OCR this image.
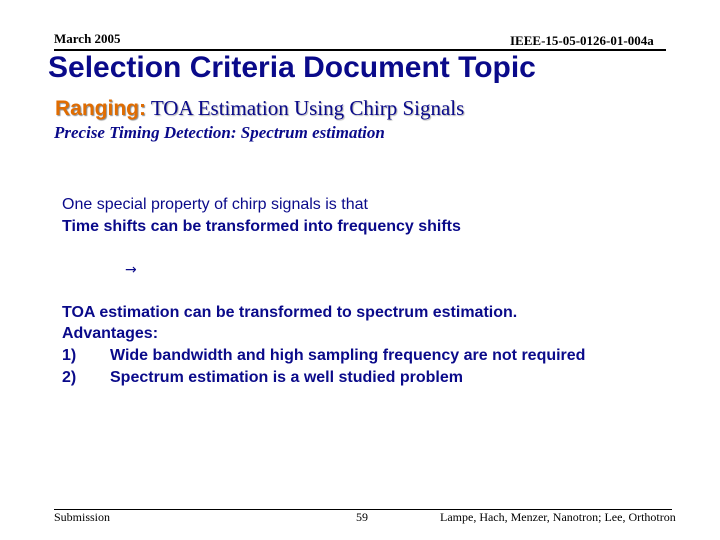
March 2005	IEEE-15-05-0126-01-004a
Selection Criteria Document Topic
Ranging: TOA Estimation Using Chirp Signals
Precise Timing Detection: Spectrum estimation
One special property of chirp signals is that
Time shifts can be transformed into frequency shifts
→
TOA estimation can be transformed to spectrum estimation.
Advantages:
1) Wide bandwidth and high sampling frequency are not required
2) Spectrum estimation is a well studied problem
Submission	59	Lampe, Hach, Menzer, Nanotron; Lee, Orthotron
